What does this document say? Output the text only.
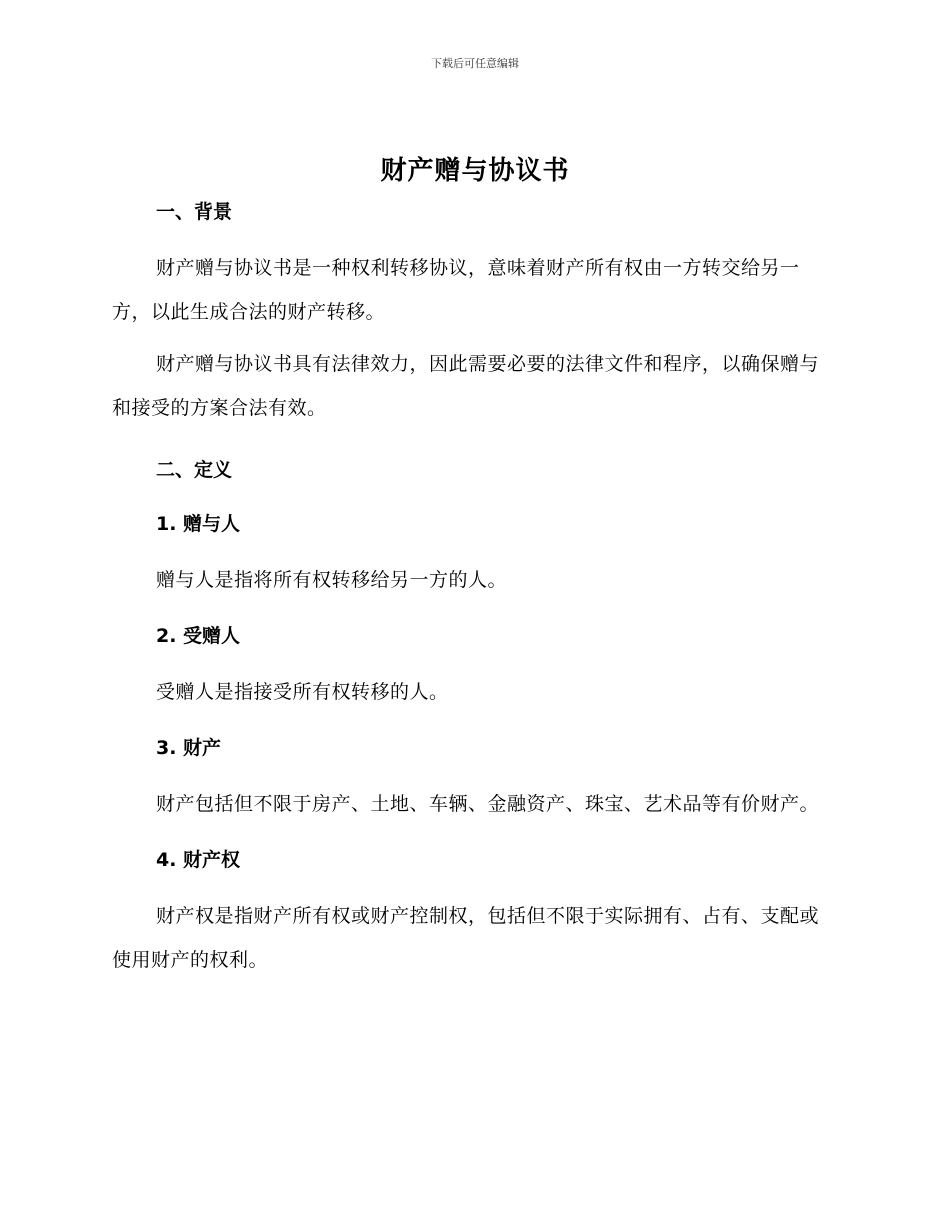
下载后可任意编辑
财产赠与协议书
一、背景
财产赠与协议书是一种权利转移协议，意味着财产所有权由一方转交给另一方，以此生成合法的财产转移。
财产赠与协议书具有法律效力，因此需要必要的法律文件和程序，以确保赠与和接受的方案合法有效。
二、定义
1. 赠与人
赠与人是指将所有权转移给另一方的人。
2. 受赠人
受赠人是指接受所有权转移的人。
3. 财产
财产包括但不限于房产、土地、车辆、金融资产、珠宝、艺术品等有价财产。
4. 财产权
财产权是指财产所有权或财产控制权，包括但不限于实际拥有、占有、支配或使用财产的权利。
